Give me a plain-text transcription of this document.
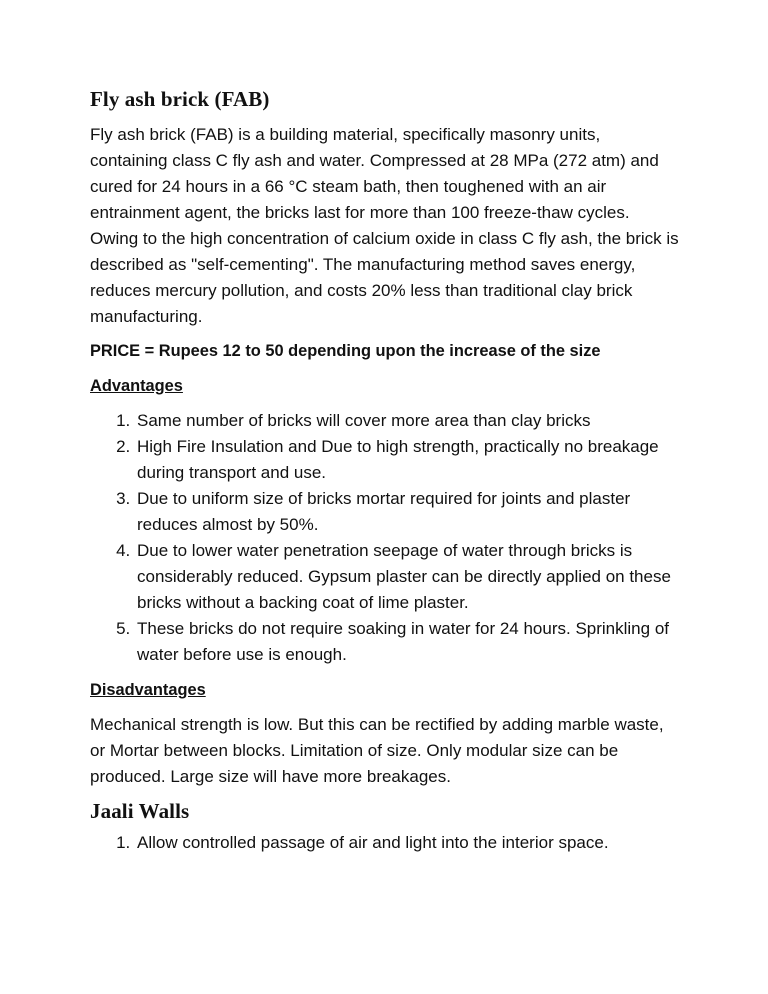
Fly ash brick (FAB)

Fly ash brick (FAB) is a building material, specifically masonry units, containing class C fly ash and water. Compressed at 28 MPa (272 atm) and cured for 24 hours in a 66 °C steam bath, then toughened with an air entrainment agent, the bricks last for more than 100 freeze-thaw cycles. Owing to the high concentration of calcium oxide in class C fly ash, the brick is described as "self-cementing". The manufacturing method saves energy, reduces mercury pollution, and costs 20% less than traditional clay brick manufacturing.

PRICE = Rupees 12 to 50 depending upon the increase of the size

Advantages

1. Same number of bricks will cover more area than clay bricks
2. High Fire Insulation and Due to high strength, practically no breakage during transport and use.
3. Due to uniform size of bricks mortar required for joints and plaster reduces almost by 50%.
4. Due to lower water penetration seepage of water through bricks is considerably reduced. Gypsum plaster can be directly applied on these bricks without a backing coat of lime plaster.
5. These bricks do not require soaking in water for 24 hours. Sprinkling of water before use is enough.

Disadvantages

Mechanical strength is low. But this can be rectified by adding marble waste, or Mortar between blocks. Limitation of size. Only modular size can be produced. Large size will have more breakages.

Jaali Walls
1. Allow controlled passage of air and light into the interior space.
